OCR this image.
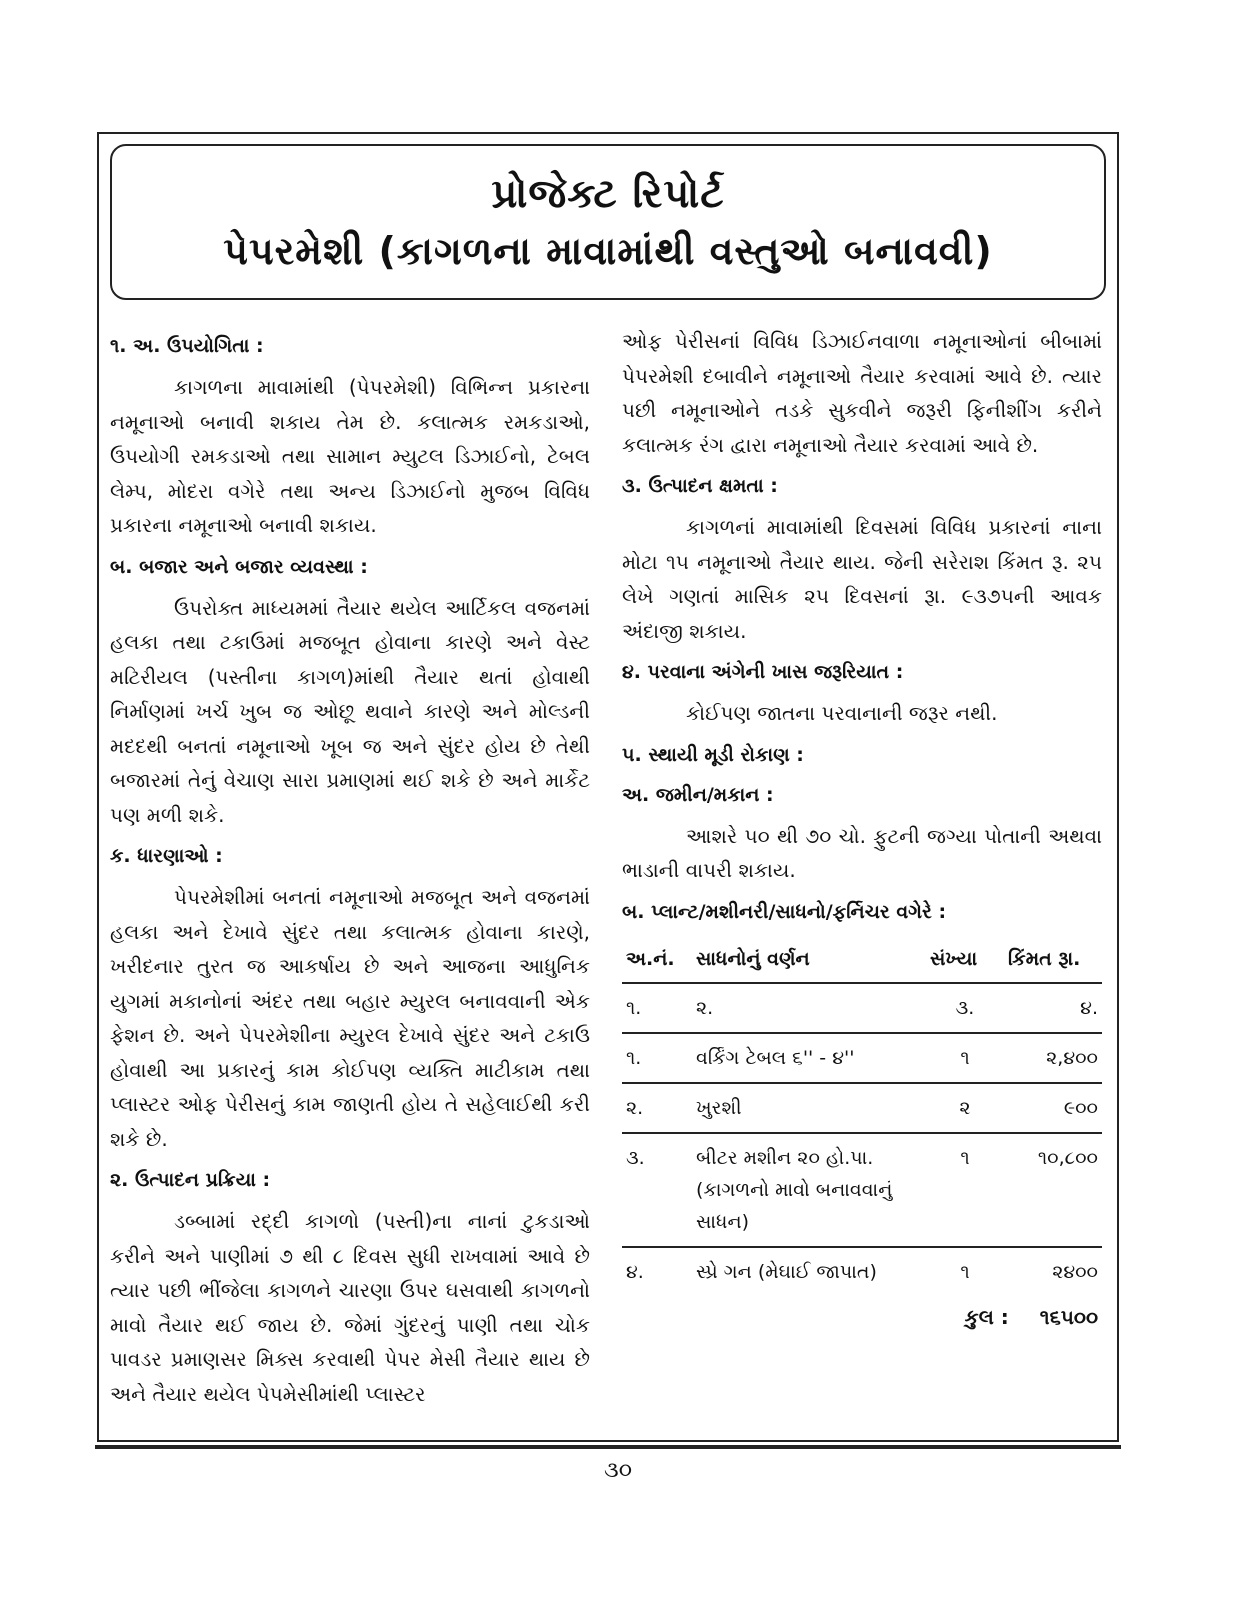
પ્રોજેક્ટ રિપોર્ટ
પેપરમેશી (કાગળના માવામાંથી વસ્તુઓ બનાવવી)
૧. અ. ઉપયોગિતા :

કાગળના માવામાંથી (પેપરમેશી) વિભિન્ન પ્રકારના નમૂનાઓ બનાવી શકાય તેમ છે. કલાત્મક રમકડાઓ, ઉપયોગી રમકડાઓ તથા સામાન મ્યુટલ ડિઝાઈનો, ટેબલ લેમ્પ, મોદરા વગેરે તથા અન્ય ડિઝાઈનો મુજબ વિવિધ પ્રકારના નમૂનાઓ બનાવી શકાય.

બ. બજાર અને બજાર વ્યવસ્થા :

ઉપરોક્ત માધ્યમમાં તૈયાર થયેલ આર્ટિકલ વજનમાં હલકા તથા ટકાઉમાં મજબૂત હોવાના કારણે અને વેસ્ટ મટિરીયલ (પસ્તીના કાગળ)માંથી તૈયાર થતાં હોવાથી નિર્માણમાં ખર્ચ ખુબ જ ઓછૂ થવાને કારણે અને મોલ્ડની મદદથી બનતાં નમૂનાઓ ખૂબ જ અને સુંદર હોય છે તેથી બજારમાં તેનું વેચાણ સારા પ્રમાણમાં થઈ શકે છે અને માર્કેટ પણ મળી શકે.

ક. ધારણાઓ :

પેપરમેશીમાં બનતાં નમૂનાઓ મજબૂત અને વજનમાં હલકા અને દેખાવે સુંદર તથા કલાત્મક હોવાના કારણે, ખરીદનાર તુરત જ આકર્ષાય છે અને આજના આધુનિક યુગમાં મકાનોનાં અંદર તથા બહાર મ્યુરલ બનાવવાની એક ફેશન છે. અને પેપરમેશીના મ્યુરલ દેખાવે સુંદર અને ટકાઉ હોવાથી આ પ્રકારનું કામ કોઈપણ વ્યક્તિ માટીકામ તથા પ્લાસ્ટર ઓફ પેરીસનું કામ જાણતી હોય તે સહેલાઈથી કરી શકે છે.

૨. ઉત્પાદન પ્રક્રિયા :

ડબ્બામાં રદ્દી કાગળો (પસ્તી)ના નાનાં ટુકડાઓ કરીને અને પાણીમાં ૭ થી ૮ દિવસ સુધી રાખવામાં આવે છે ત્યાર પછી ભીંજેલા કાગળને ચારણા ઉપર ઘસવાથી કાગળનો માવો તૈયાર થઈ જાય છે. જેમાં ગુંદરનું પાણી તથા ચોક પાવડર પ્રમાણસર મિક્સ કરવાથી પેપર મેસી તૈયાર થાય છે અને તૈયાર થયેલ પેપમેસીમાંથી પ્લાસ્ટર

ઓફ પેરીસનાં વિવિધ ડિઝાઈનવાળા નમૂનાઓનાં બીબામાં પેપરમેશી દબાવીને નમૂનાઓ તૈયાર કરવામાં આવે છે. ત્યાર પછી નમૂનાઓને તડકે સુકવીને જરૂરી ફિનીશીંગ કરીને કલાત્મક રંગ દ્વારા નમૂનાઓ તૈયાર કરવામાં આવે છે.

૩. ઉત્પાદન ક્ષમતા :

કાગળનાં માવામાંથી દિવસમાં વિવિધ પ્રકારનાં નાના મોટા ૧૫ નમૂનાઓ તૈયાર થાય. જેની સરેરાશ કિંમત રૂ. ૨૫ લેખે ગણતાં માસિક ૨૫ દિવસનાં રૂા. ૯૩૭૫ની આવક અંદાજી શકાય.

૪. પરવાના અંગેની ખાસ જરૂરિયાત :

કોઈપણ જાતના પરવાનાની જરૂર નથી.

૫. સ્થાયી મૂડી રોકાણ :
અ. જમીન/મકાન :

આશરે ૫૦ થી ૭૦ ચો. ફુટની જગ્યા પોતાની અથવા ભાડાની વાપરી શકાય.

બ. પ્લાન્ટ/મશીનરી/સાધનો/ફર્નિચર વગેરે :
અ.નં.	સાધનોનું વર્ણન	સંખ્યા	કિંમત રૂા.
૧.	૨.	૩.	૪.
૧.	વર્કિંગ ટેબલ ૬'' - ૪''	૧	૨,૪૦૦
૨.	ખુરશી	૨	૯૦૦
૩.	બીટર મશીન ૨૦ હો.પા. (કાગળનો માવો બનાવવાનું સાધન)	૧	૧૦,૮૦૦
૪.	સ્પ્રે ગન (મેઘાઈ જાપાત)	૧	૨૪૦૦
કુલ : ૧૬૫૦૦
૩૦
